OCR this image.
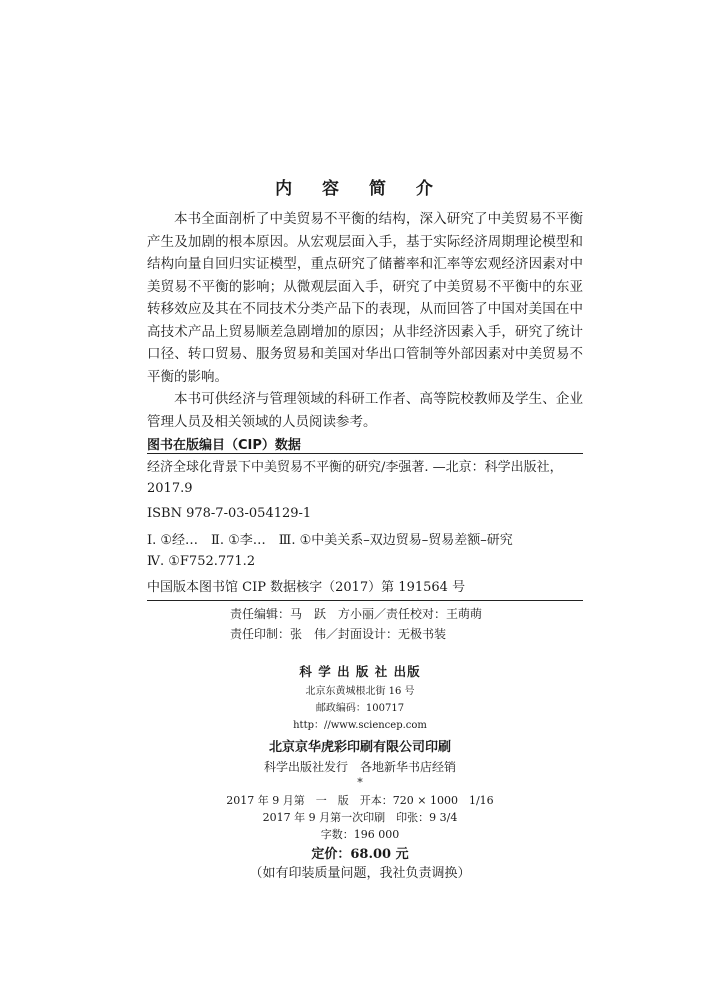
内 容 简 介

本书全面剖析了中美贸易不平衡的结构，深入研究了中美贸易不平衡产生及加剧的根本原因。从宏观层面入手，基于实际经济周期理论模型和结构向量自回归实证模型，重点研究了储蓄率和汇率等宏观经济因素对中美贸易不平衡的影响；从微观层面入手，研究了中美贸易不平衡中的东亚转移效应及其在不同技术分类产品下的表现，从而回答了中国对美国在中高技术产品上贸易顺差急剧增加的原因；从非经济因素入手，研究了统计口径、转口贸易、服务贸易和美国对华出口管制等外部因素对中美贸易不平衡的影响。

本书可供经济与管理领域的科研工作者、高等院校教师及学生、企业管理人员及相关领域的人员阅读参考。

图书在版编目（CIP）数据

经济全球化背景下中美贸易不平衡的研究/李强著. —北京：科学出版社，2017.9

ISBN 978-7-03-054129-1

Ⅰ. ①经…　Ⅱ. ①李…　Ⅲ. ①中美关系–双边贸易–贸易差额–研究

Ⅳ. ①F752.771.2

中国版本图书馆 CIP 数据核字（2017）第 191564 号
责任编辑：马　跃　方小丽／责任校对：王萌萌
责任印制：张　伟／封面设计：无极书装
科 学 出 版 社 出版
北京东黄城根北街 16 号
邮政编码：100717
http：//www.sciencep.com
北京京华虎彩印刷有限公司印刷
科学出版社发行　各地新华书店经销
*
2017 年 9 月第　一　版　开本：720 × 1000　1/16
2017 年 9 月第一次印刷　印张：9 3/4
字数：196 000
定价：68.00 元
（如有印装质量问题，我社负责调换）
